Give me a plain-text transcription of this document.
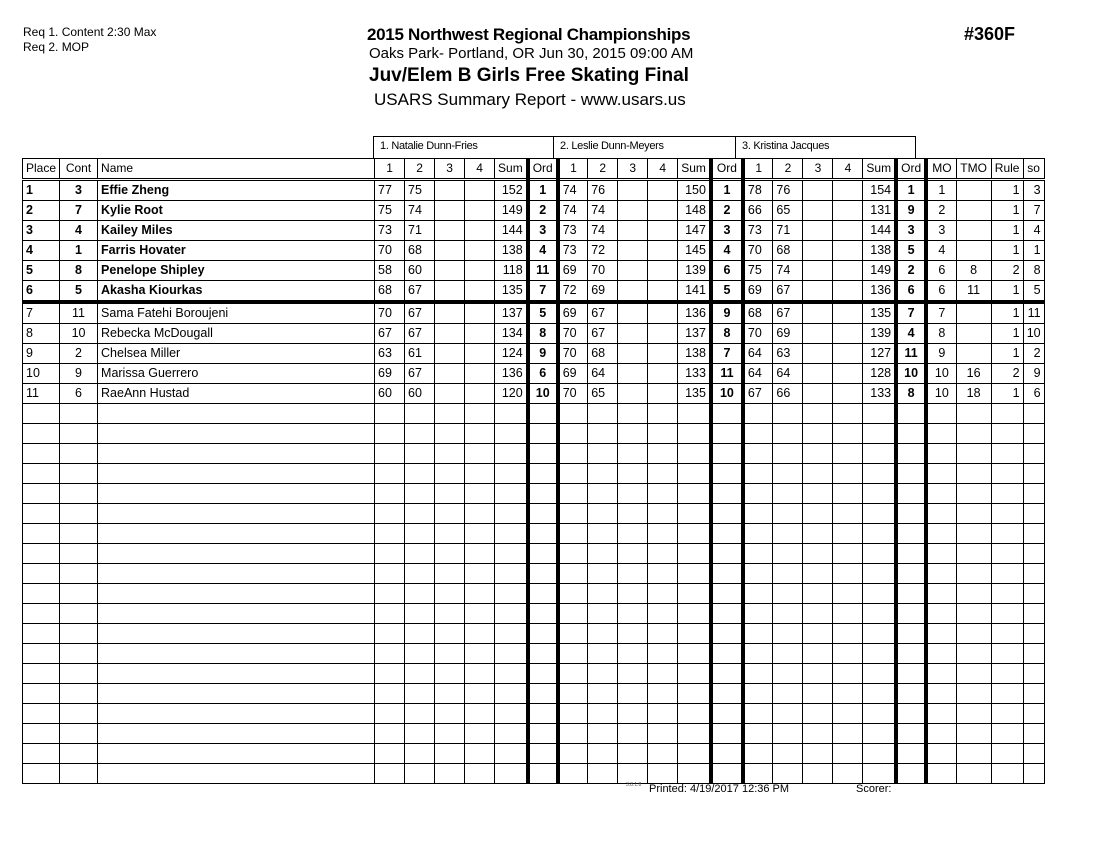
Req 1. Content 2:30 Max
Req 2. MOP
2015 Northwest Regional Championships
Oaks Park- Portland, OR Jun 30, 2015 09:00 AM
Juv/Elem B Girls Free Skating Final
USARS Summary Report - www.usars.us
#360F
1. Natalie Dunn-Fries	2. Leslie Dunn-Meyers	3. Kristina Jacques
Place	Cont	Name	1	2	3	4	Sum	Ord	1	2	3	4	Sum	Ord	1	2	3	4	Sum	Ord	MO	TMO	Rule	so
1	3	Effie Zheng	77	75			152	1	74	76			150	1	78	76			154	1	1		1	3
2	7	Kylie Root	75	74			149	2	74	74			148	2	66	65			131	9	2		1	7
3	4	Kailey Miles	73	71			144	3	73	74			147	3	73	71			144	3	3		1	4
4	1	Farris Hovater	70	68			138	4	73	72			145	4	70	68			138	5	4		1	1
5	8	Penelope Shipley	58	60			118	11	69	70			139	6	75	74			149	2	6	8	2	8
6	5	Akasha Kiourkas	68	67			135	7	72	69			141	5	69	67			136	6	6	11	1	5
7	11	Sama Fatehi Boroujeni	70	67			137	5	69	67			136	9	68	67			135	7	7		1	11
8	10	Rebecka McDougall	67	67			134	8	70	67			137	8	70	69			139	4	8		1	10
9	2	Chelsea Miller	63	61			124	9	70	68			138	7	64	63			127	11	9		1	2
10	9	Marissa Guerrero	69	67			136	6	69	64			133	11	64	64			128	10	10	16	2	9
11	6	RaeAnn Hustad	60	60			120	10	70	65			135	10	67	66			133	8	10	18	1	6

3.8.1.8 Printed: 4/19/2017 12:36 PM	Scorer:
